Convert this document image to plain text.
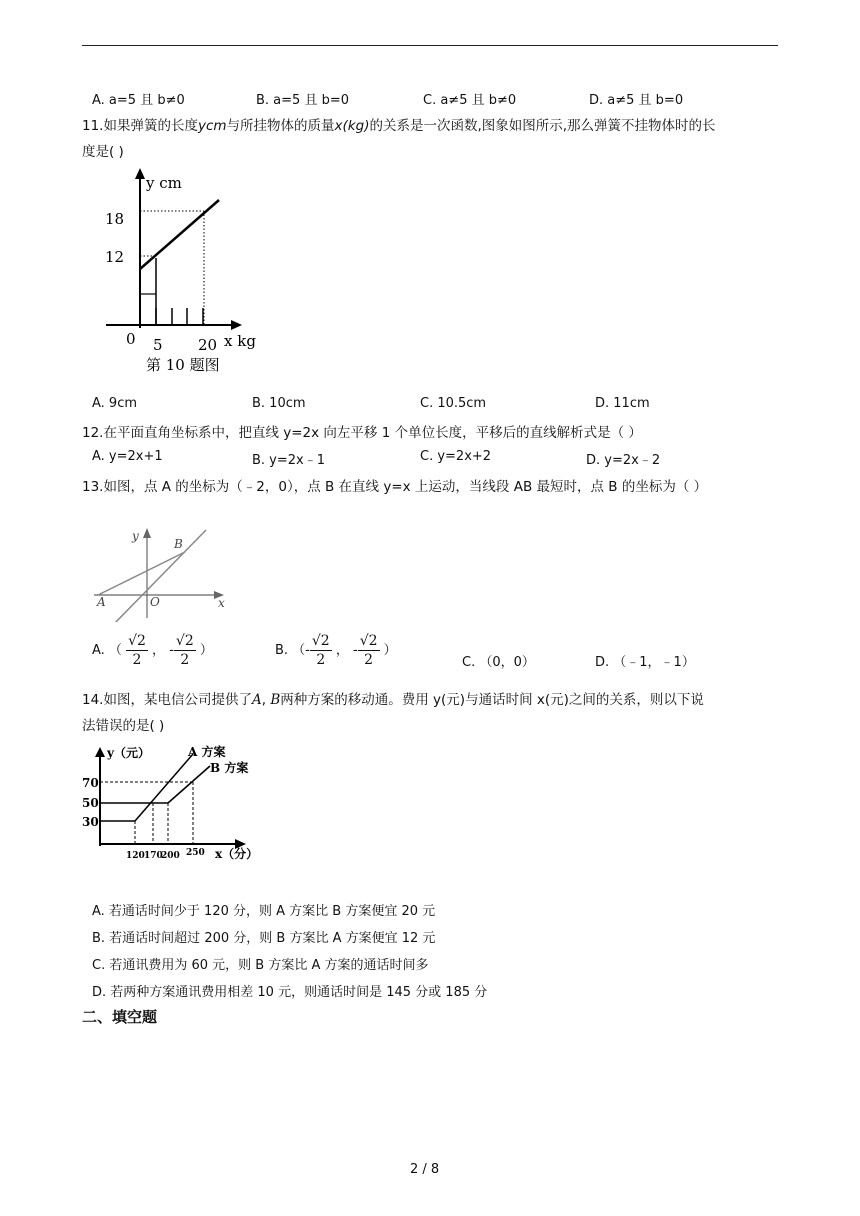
A. a=5 且 b≠0	B. a=5 且 b=0	C. a≠5 且 b≠0	D. a≠5 且 b=0
11.如果弹簧的长度ycm与所挂物体的质量x(kg)的关系是一次函数,图象如图所示,那么弹簧不挂物体时的长
度是( )
y cm
18
12
0 5 20 x kg
第 10 题图
A. 9cm	B. 10cm	C. 10.5cm	D. 11cm
12.在平面直角坐标系中，把直线 y=2x 向左平移 1 个单位长度，平移后的直线解析式是（ ）
A. y=2x+1	B. y=2x﹣1	C. y=2x+2	D. y=2x﹣2
13.如图，点 A 的坐标为（﹣2，0），点 B 在直线 y=x 上运动，当线段 AB 最短时，点 B 的坐标为（ ）
y
x
O
A
B
A. （ $\frac{√2}{2}$ ， - $\frac{√2}{2}$ ）	B. （- $\frac{√2}{2}$ ， - $\frac{√2}{2}$ ）
C. （0，0）	D. （﹣1，﹣1）
14.如图，某电信公司提供了A, B两种方案的移动通。费用 y(元)与通话时间 x(元)之间的关系，则以下说
法错误的是( )
y（元）
70
50
30
120 170
200 250 x（分）
A 方案
B 方案
A. 若通话时间少于 120 分，则 A 方案比 B 方案便宜 20 元
B. 若通话时间超过 200 分，则 B 方案比 A 方案便宜 12 元
C. 若通讯费用为 60 元，则 B 方案比 A 方案的通话时间多
D. 若两种方案通讯费用相差 10 元，则通话时间是 145 分或 185 分
二、填空题
2 / 8
